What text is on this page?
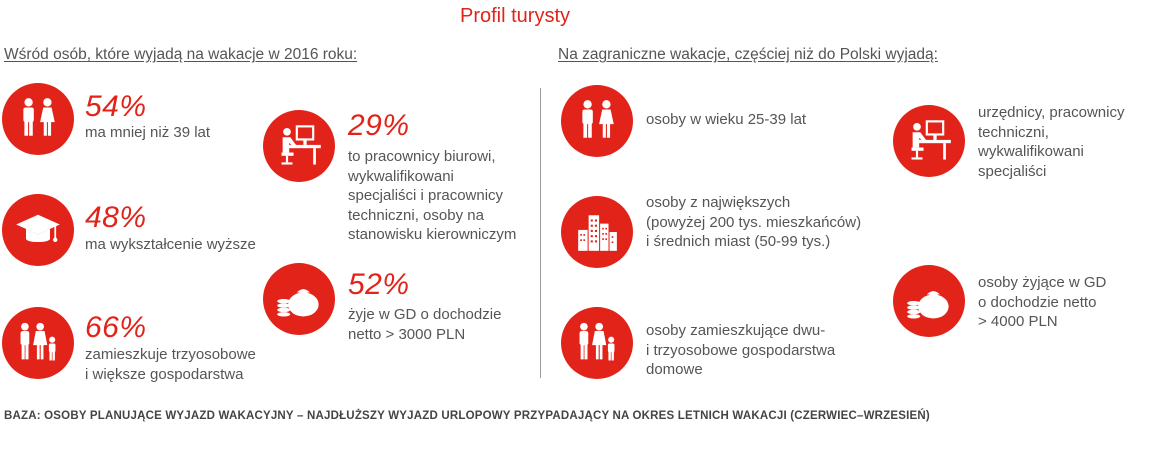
Profil turysty
Wśród osób, które wyjadą na wakacje w 2016 roku:	Na zagraniczne wakacje, częściej niż do Polski wyjadą:
54%
ma mniej niż 39 lat
48%
ma wykształcenie wyższe
66%
zamieszkuje trzyosobowe
i większe gospodarstwa
29%
to pracownicy biurowi,
wykwalifikowani
specjaliści i pracownicy
techniczni, osoby na
stanowisku kierowniczym
52%
żyje w GD o dochodzie
netto > 3000 PLN
osoby w wieku 25-39 lat
osoby z największych
(powyżej 200 tys. mieszkańców)
i średnich miast (50-99 tys.)
osoby zamieszkujące dwu-
i trzyosobowe gospodarstwa
domowe
urzędnicy, pracownicy
techniczni,
wykwalifikowani
specjaliści
osoby żyjące w GD
o dochodzie netto
> 4000 PLN
BAZA: OSOBY PLANUJĄCE WYJAZD WAKACYJNY – NAJDŁUŻSZY WYJAZD URLOPOWY PRZYPADAJĄCY NA OKRES LETNICH WAKACJI (CZERWIEC–WRZESIEŃ)
